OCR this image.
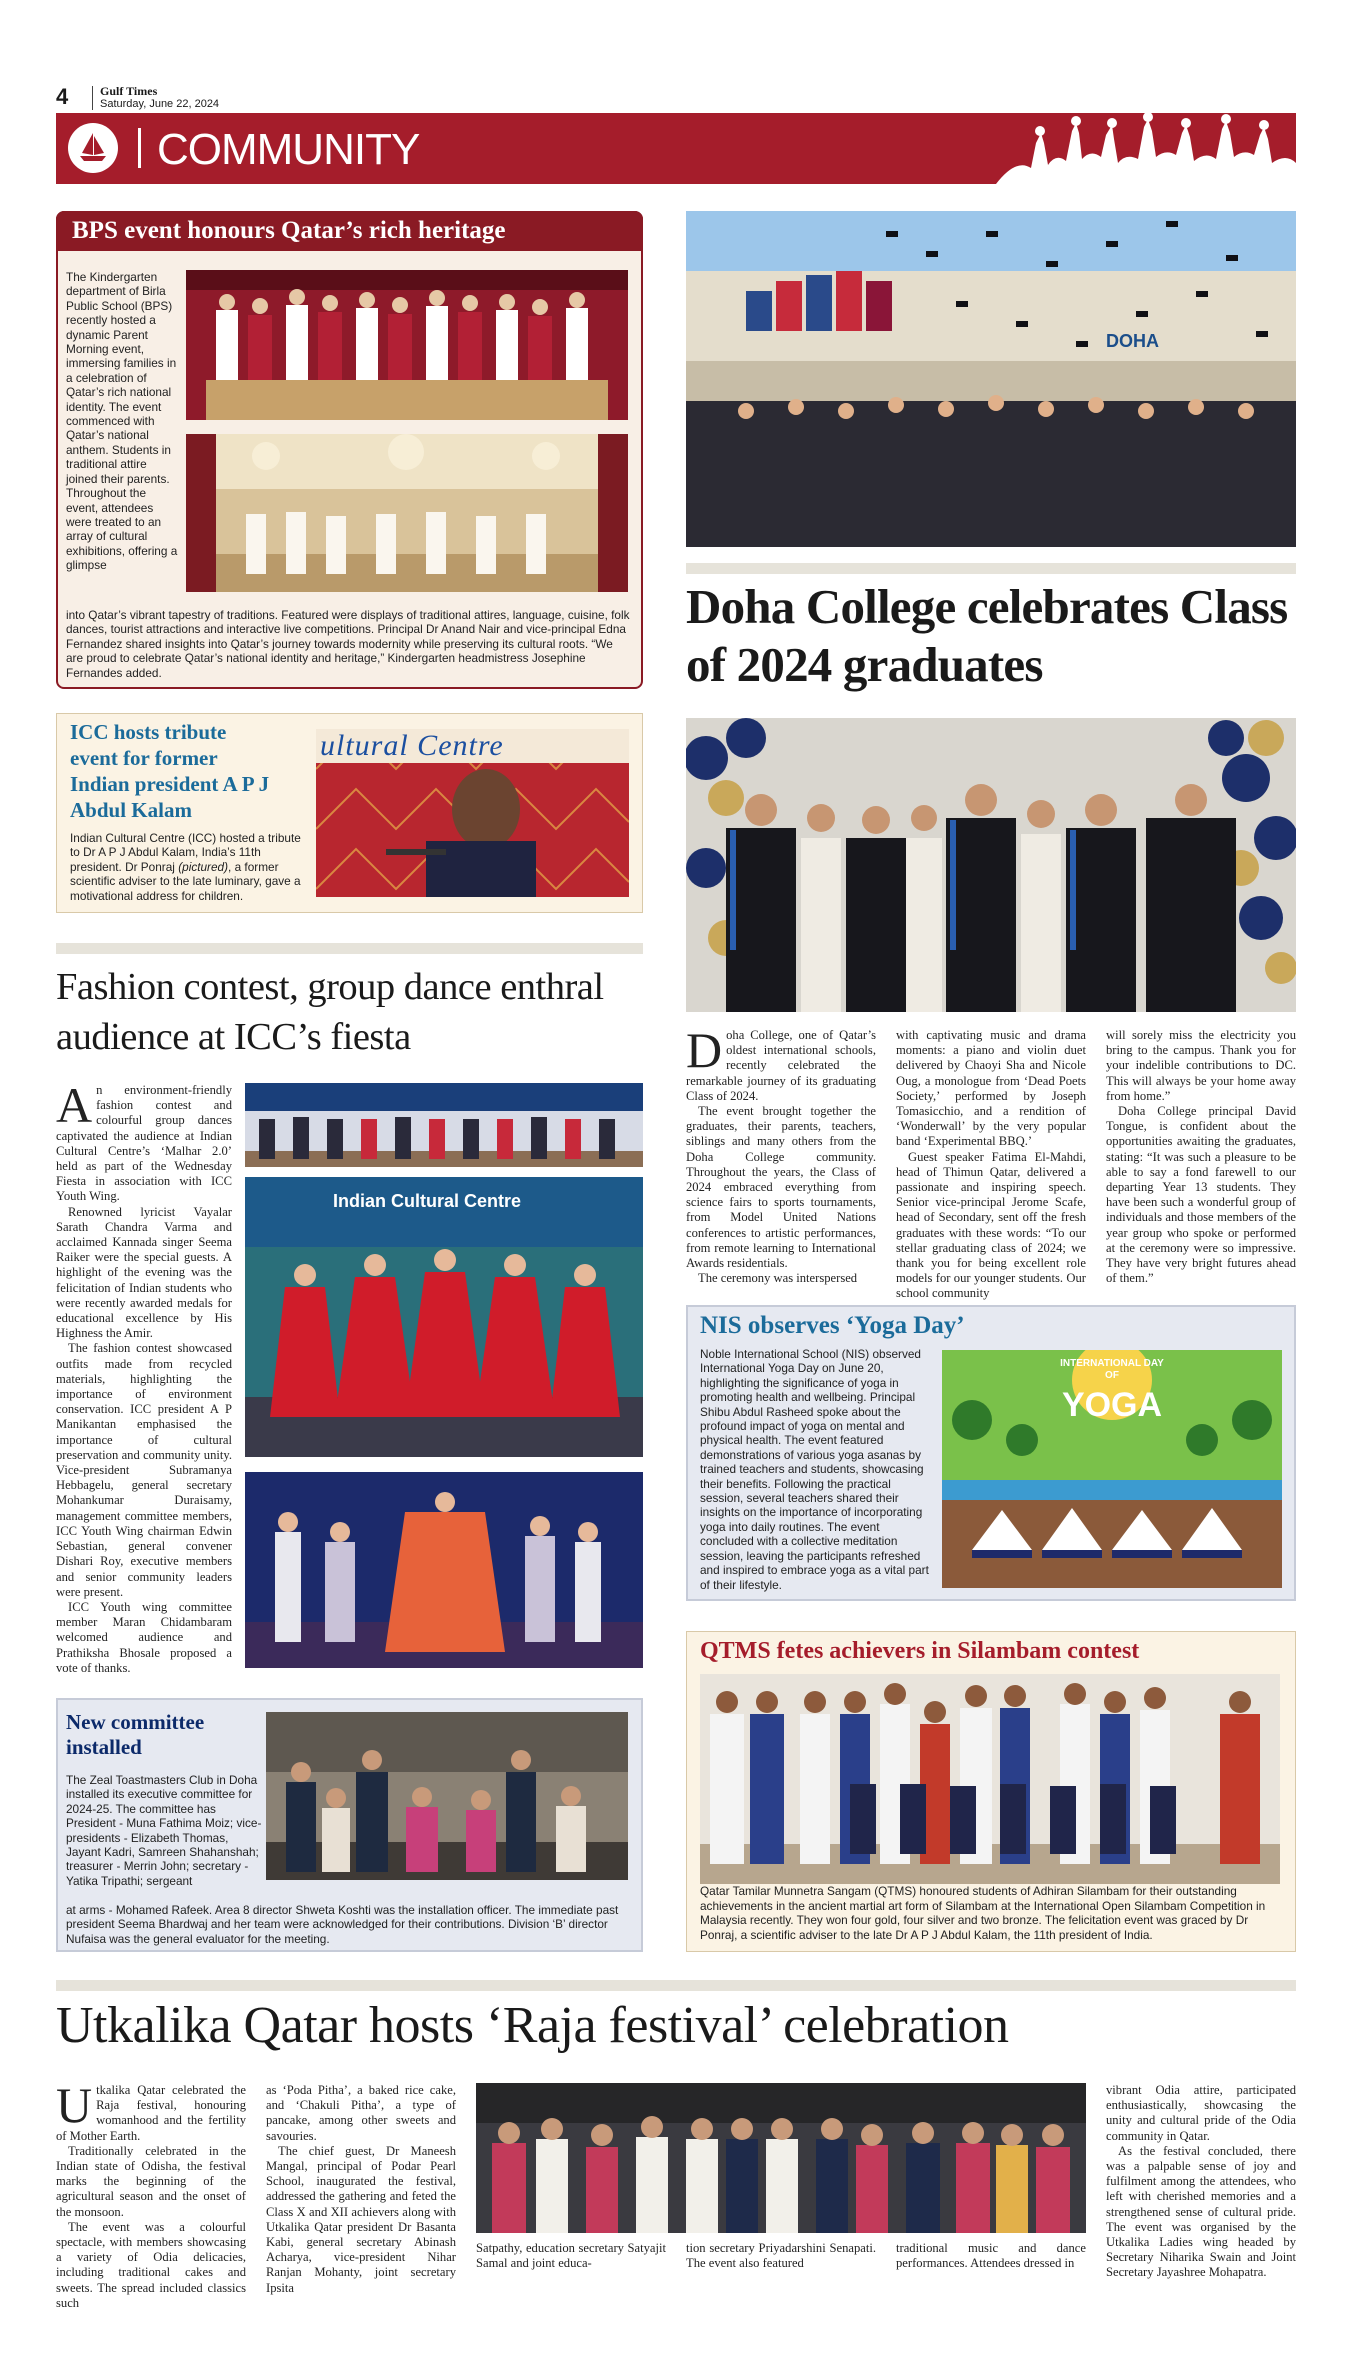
4	Gulf Times
Saturday, June 22, 2024
COMMUNITY
BPS event honours Qatar’s rich heritage
The Kindergarten department of Birla Public School (BPS) recently hosted a dynamic Parent Morning event, immersing families in a celebration of Qatar’s rich national identity. The event commenced with Qatar’s national anthem. Students in traditional attire joined their parents. Throughout the event, attendees were treated to an array of cultural exhibitions, offering a glimpse
into Qatar’s vibrant tapestry of traditions. Featured were displays of traditional attires, language, cuisine, folk dances, tourist attractions and interactive live competitions. Principal Dr Anand Nair and vice-principal Edna Fernandez shared insights into Qatar’s journey towards modernity while preserving its cultural roots. “We are proud to celebrate Qatar’s national identity and heritage,” Kindergarten headmistress Josephine Fernandes added.
ICC hosts tribute event for former Indian president A P J Abdul Kalam
ultural Centre
Indian Cultural Centre (ICC) hosted a tribute to Dr A P J Abdul Kalam, India’s 11th president. Dr Ponraj (pictured), a former scientific adviser to the late luminary, gave a motivational address for children.
Fashion contest, group dance enthral audience at ICC’s fiesta

An environment-friendly fashion contest and colourful group dances captivated the audience at Indian Cultural Centre’s ‘Malhar 2.0’ held as part of the Wednesday Fiesta in association with ICC Youth Wing.

Renowned lyricist Vayalar Sarath Chandra Varma and acclaimed Kannada singer Seema Raiker were the special guests. A highlight of the evening was the felicitation of Indian students who were recently awarded medals for educational excellence by His Highness the Amir.

The fashion contest showcased outfits made from recycled materials, highlighting the importance of environment conservation. ICC president A P Manikantan emphasised the importance of cultural preservation and community unity. Vice-president Subramanya Hebbagelu, general secretary Mohankumar Duraisamy, management committee members, ICC Youth Wing chairman Edwin Sebastian, general convener Dishari Roy, executive members and senior community leaders were present.

ICC Youth wing committee member Maran Chidambaram welcomed audience and Prathiksha Bhosale proposed a vote of thanks.

Indian Cultural Centre
New committee installed
The Zeal Toastmasters Club in Doha installed its executive committee for 2024-25. The committee has President - Muna Fathima Moiz; vice-presidents - Elizabeth Thomas, Jayant Kadri, Samreen Shahanshah; treasurer - Merrin John; secretary - Yatika Tripathi; sergeant
at arms - Mohamed Rafeek. Area 8 director Shweta Koshti was the installation officer. The immediate past president Seema Bhardwaj and her team were acknowledged for their contributions. Division ‘B’ director Nufaisa was the general evaluator for the meeting.
DOHA
Doha College celebrates Class of 2024 graduates

Doha College, one of Qatar’s oldest international schools, recently celebrated the remarkable journey of its graduating Class of 2024.

The event brought together the graduates, their parents, teachers, siblings and many others from the Doha College community. Throughout the years, the Class of 2024 embraced everything from science fairs to sports tournaments, from Model United Nations conferences to artistic performances, from remote learning to International Awards residentials.

The ceremony was interspersed

with captivating music and drama moments: a piano and violin duet delivered by Chaoyi Sha and Nicole Oug, a monologue from ‘Dead Poets Society,’ performed by Joseph Tomasicchio, and a rendition of ‘Wonderwall’ by the very popular band ‘Experimental BBQ.’

Guest speaker Fatima El-Mahdi, head of Thimun Qatar, delivered a passionate and inspiring speech. Senior vice-principal Jerome Scafe, head of Secondary, sent off the fresh graduates with these words: “To our stellar graduating class of 2024; we thank you for being excellent role models for our younger students. Our school community

will sorely miss the electricity you bring to the campus. Thank you for your indelible contributions to DC. This will always be your home away from home.”

Doha College principal David Tongue, is confident about the opportunities awaiting the graduates, stating: “It was such a pleasure to be able to say a fond farewell to our departing Year 13 students. They have been such a wonderful group of individuals and those members of the year group who spoke or performed at the ceremony were so impressive. They have very bright futures ahead of them.”

NIS observes ‘Yoga Day’
Noble International School (NIS) observed International Yoga Day on June 20, highlighting the significance of yoga in promoting health and wellbeing. Principal Shibu Abdul Rasheed spoke about the profound impact of yoga on mental and physical health. The event featured demonstrations of various yoga asanas by trained teachers and students, showcasing their benefits. Following the practical session, several teachers shared their insights on the importance of incorporating yoga into daily routines. The event concluded with a collective meditation session, leaving the participants refreshed and inspired to embrace yoga as a vital part of their lifestyle.
INTERNATIONAL DAY OF
YOGA
QTMS fetes achievers in Silambam contest
Qatar Tamilar Munnetra Sangam (QTMS) honoured students of Adhiran Silambam for their outstanding achievements in the ancient martial art form of Silambam at the International Open Silambam Competition in Malaysia recently. They won four gold, four silver and two bronze. The felicitation event was graced by Dr Ponraj, a scientific adviser to the late Dr A P J Abdul Kalam, the 11th president of India.
Utkalika Qatar hosts ‘Raja festival’ celebration

Utkalika Qatar celebrated the Raja festival, honouring womanhood and the fertility of Mother Earth.

Traditionally celebrated in the Indian state of Odisha, the festival marks the beginning of the agricultural season and the onset of the monsoon.

The event was a colourful spectacle, with members showcasing a variety of Odia delicacies, including traditional cakes and sweets. The spread included classics such

as ‘Poda Pitha’, a baked rice cake, and ‘Chakuli Pitha’, a type of pancake, among other sweets and savouries.

The chief guest, Dr Maneesh Mangal, principal of Podar Pearl School, inaugurated the festival, addressed the gathering and feted the Class X and XII achievers along with Utkalika Qatar president Dr Basanta Kabi, general secretary Abinash Acharya, vice-president Nihar Ranjan Mohanty, joint secretary Ipsita

Satpathy, education secretary Satyajit Samal and joint educa-

tion secretary Priyadarshini Senapati. The event also featured

traditional music and dance performances. Attendees dressed in

vibrant Odia attire, participated enthusiastically, showcasing the unity and cultural pride of the Odia community in Qatar.

As the festival concluded, there was a palpable sense of joy and fulfilment among the attendees, who left with cherished memories and a strengthened sense of cultural pride. The event was organised by the Utkalika Ladies wing headed by Secretary Niharika Swain and Joint Secretary Jayashree Mohapatra.
